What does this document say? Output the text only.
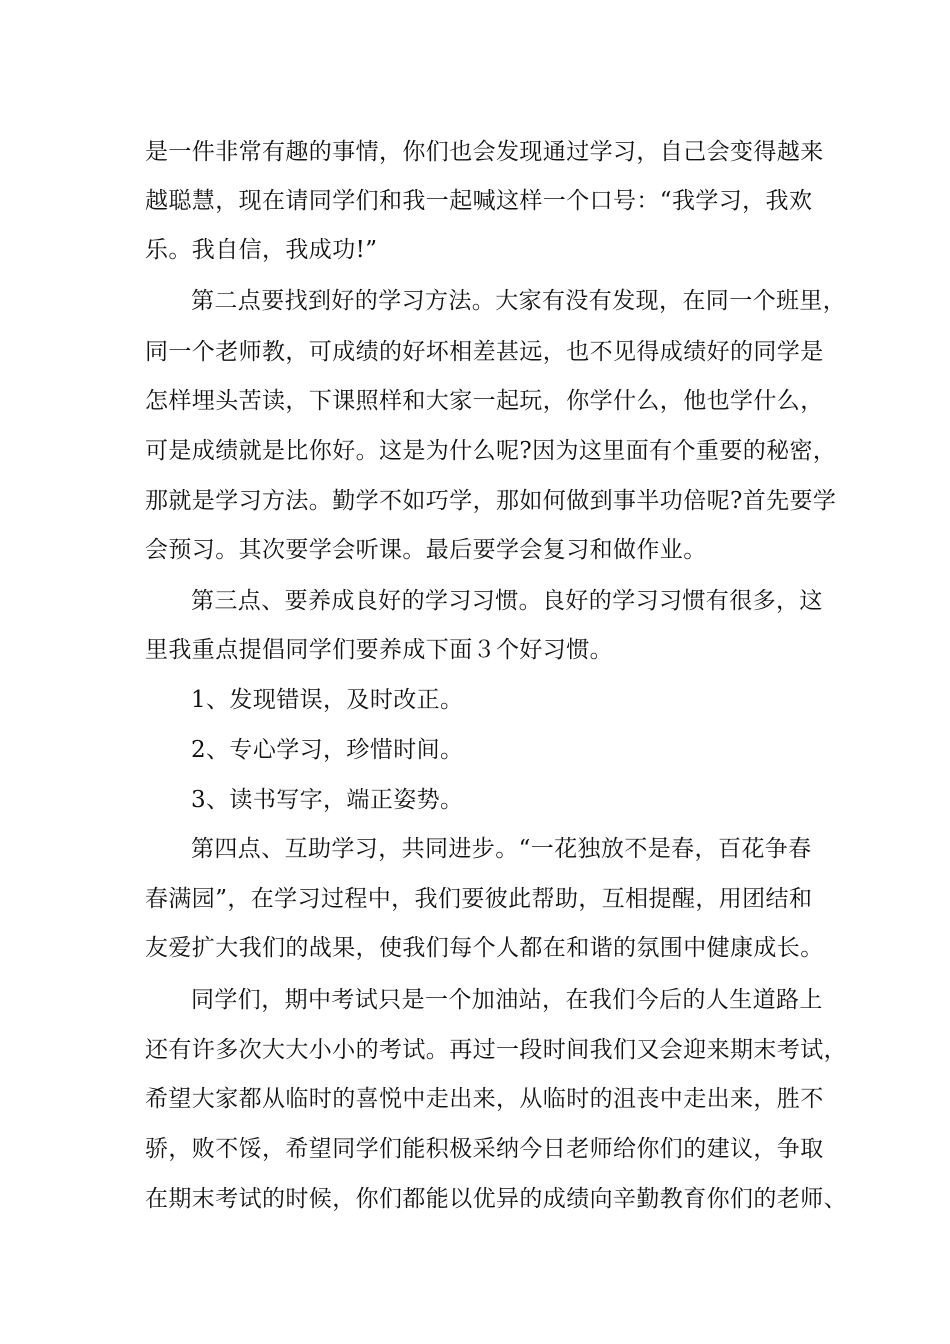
是一件非常有趣的事情，你们也会发现通过学习，自己会变得越来
越聪慧，现在请同学们和我一起喊这样一个口号：“我学习，我欢
乐。我自信，我成功!”
第二点要找到好的学习方法。大家有没有发现，在同一个班里，
同一个老师教，可成绩的好坏相差甚远，也不见得成绩好的同学是
怎样埋头苦读，下课照样和大家一起玩，你学什么，他也学什么，
可是成绩就是比你好。这是为什么呢?因为这里面有个重要的秘密，
那就是学习方法。勤学不如巧学，那如何做到事半功倍呢?首先要学
会预习。其次要学会听课。最后要学会复习和做作业。
第三点、要养成良好的学习习惯。良好的学习习惯有很多，这
里我重点提倡同学们要养成下面３个好习惯。
1、发现错误，及时改正。
2、专心学习，珍惜时间。
3、读书写字，端正姿势。
第四点、互助学习，共同进步。“一花独放不是春，百花争春
春满园”，在学习过程中，我们要彼此帮助，互相提醒，用团结和
友爱扩大我们的战果，使我们每个人都在和谐的氛围中健康成长。
同学们，期中考试只是一个加油站，在我们今后的人生道路上
还有许多次大大小小的考试。再过一段时间我们又会迎来期末考试，
希望大家都从临时的喜悦中走出来，从临时的沮丧中走出来，胜不
骄，败不馁，希望同学们能积极采纳今日老师给你们的建议，争取
在期末考试的时候，你们都能以优异的成绩向辛勤教育你们的老师、
